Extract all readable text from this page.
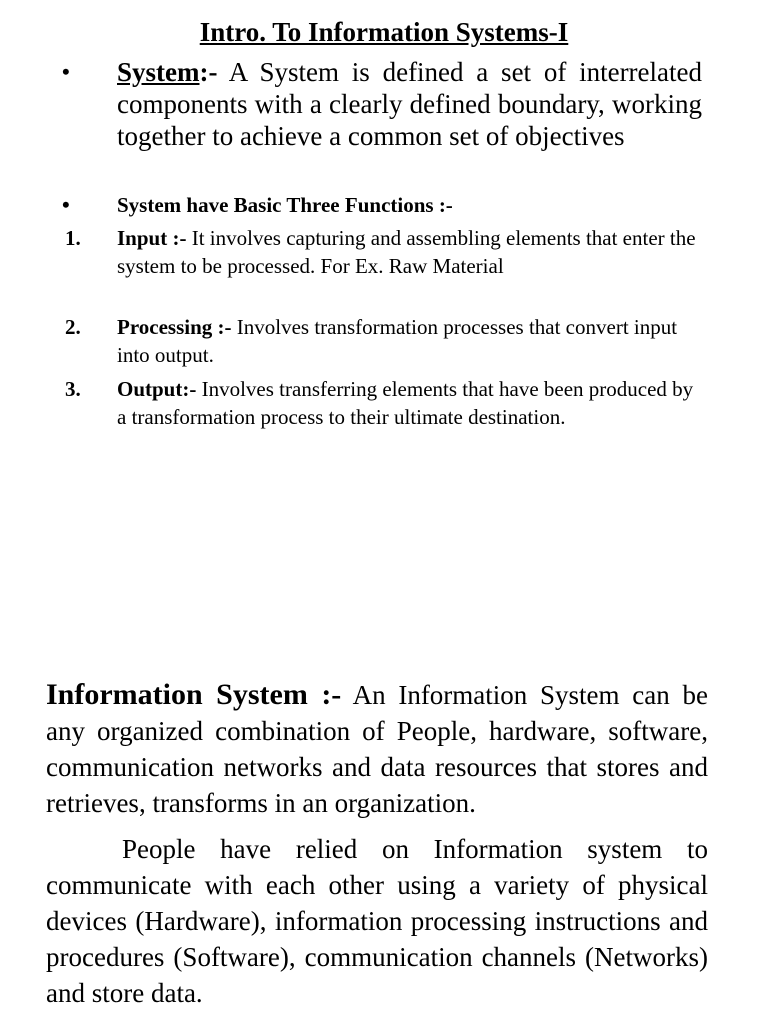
Intro. To Information Systems-I
• System:- A System is defined a set of interrelated components with a clearly defined boundary, working together to achieve a common set of objectives
• System have Basic Three Functions :-
1. Input :- It involves capturing and assembling elements that enter the system to be processed. For Ex. Raw Material
2. Processing :- Involves transformation processes that convert input into output.
3. Output:- Involves transferring elements that have been produced by a transformation process to their ultimate destination.

Information System :- An Information System can be any organized combination of People, hardware, software, communication networks and data resources that stores and retrieves, transforms in an organization.

People have relied on Information system to communicate with each other using a variety of physical devices (Hardware), information processing instructions and procedures (Software), communication channels (Networks) and store data.
